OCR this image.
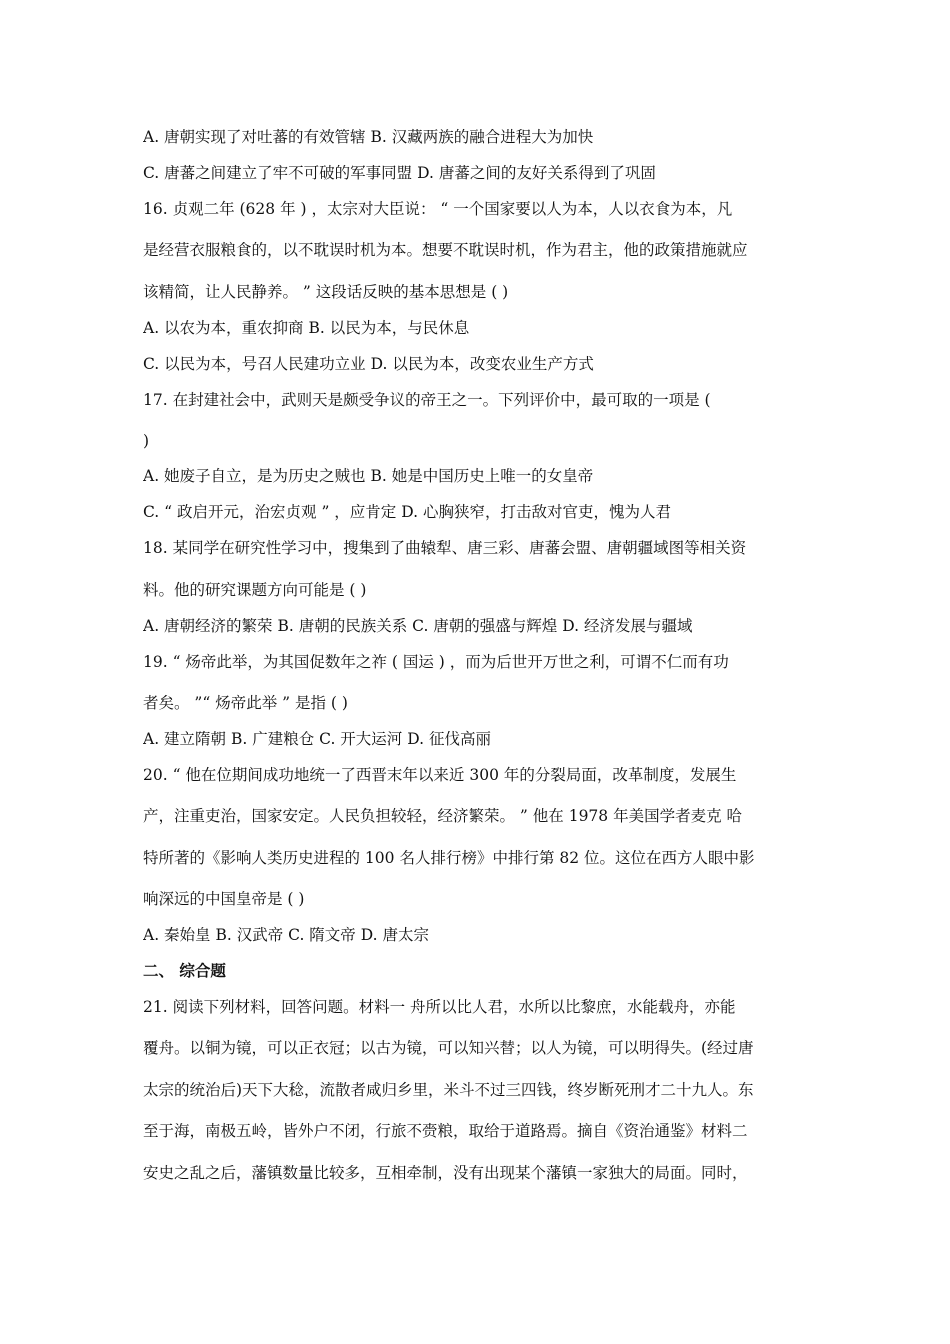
A. 唐朝实现了对吐蕃的有效管辖 B. 汉藏两族的融合进程大为加快
C. 唐蕃之间建立了牢不可破的军事同盟 D. 唐蕃之间的友好关系得到了巩固
16. 贞观二年 (628 年 ) ，太宗对大臣说： “ 一个国家要以人为本，人以衣食为本，凡
是经营衣服粮食的，以不耽误时机为本。想要不耽误时机，作为君主，他的政策措施就应
该精简，让人民静养。 ” 这段话反映的基本思想是 ( )
A. 以农为本，重农抑商 B. 以民为本，与民休息
C. 以民为本，号召人民建功立业 D. 以民为本，改变农业生产方式
17. 在封建社会中，武则天是颇受争议的帝王之一。下列评价中，最可取的一项是 (
)
A. 她废子自立，是为历史之贼也 B. 她是中国历史上唯一的女皇帝
C. “ 政启开元，治宏贞观 ” ，应肯定 D. 心胸狭窄，打击敌对官吏，愧为人君
18. 某同学在研究性学习中，搜集到了曲辕犁、唐三彩、唐蕃会盟、唐朝疆域图等相关资
料。他的研究课题方向可能是 ( )
A. 唐朝经济的繁荣 B. 唐朝的民族关系 C. 唐朝的强盛与辉煌 D. 经济发展与疆域
19. “ 炀帝此举，为其国促数年之祚 ( 国运 ) ，而为后世开万世之利，可谓不仁而有功
者矣。 ”“ 炀帝此举 ” 是指 ( )
A. 建立隋朝 B. 广建粮仓 C. 开大运河 D. 征伐高丽
20. “ 他在位期间成功地统一了西晋末年以来近 300 年的分裂局面，改革制度，发展生
产，注重吏治，国家安定。人民负担较轻，经济繁荣。 ” 他在 1978 年美国学者麦克 哈
特所著的《影响人类历史进程的 100 名人排行榜》中排行第 82 位。这位在西方人眼中影
响深远的中国皇帝是 ( )
A. 秦始皇 B. 汉武帝 C. 隋文帝 D. 唐太宗
二、 综合题
21. 阅读下列材料，回答问题。材料一 舟所以比人君，水所以比黎庶，水能载舟，亦能
覆舟。以铜为镜，可以正衣冠；以古为镜，可以知兴替；以人为镜，可以明得失。(经过唐
太宗的统治后)天下大稔，流散者咸归乡里，米斗不过三四钱，终岁断死刑才二十九人。东
至于海，南极五岭，皆外户不闭，行旅不赍粮，取给于道路焉。摘自《资治通鉴》材料二
安史之乱之后，藩镇数量比较多，互相牵制，没有出现某个藩镇一家独大的局面。同时，
